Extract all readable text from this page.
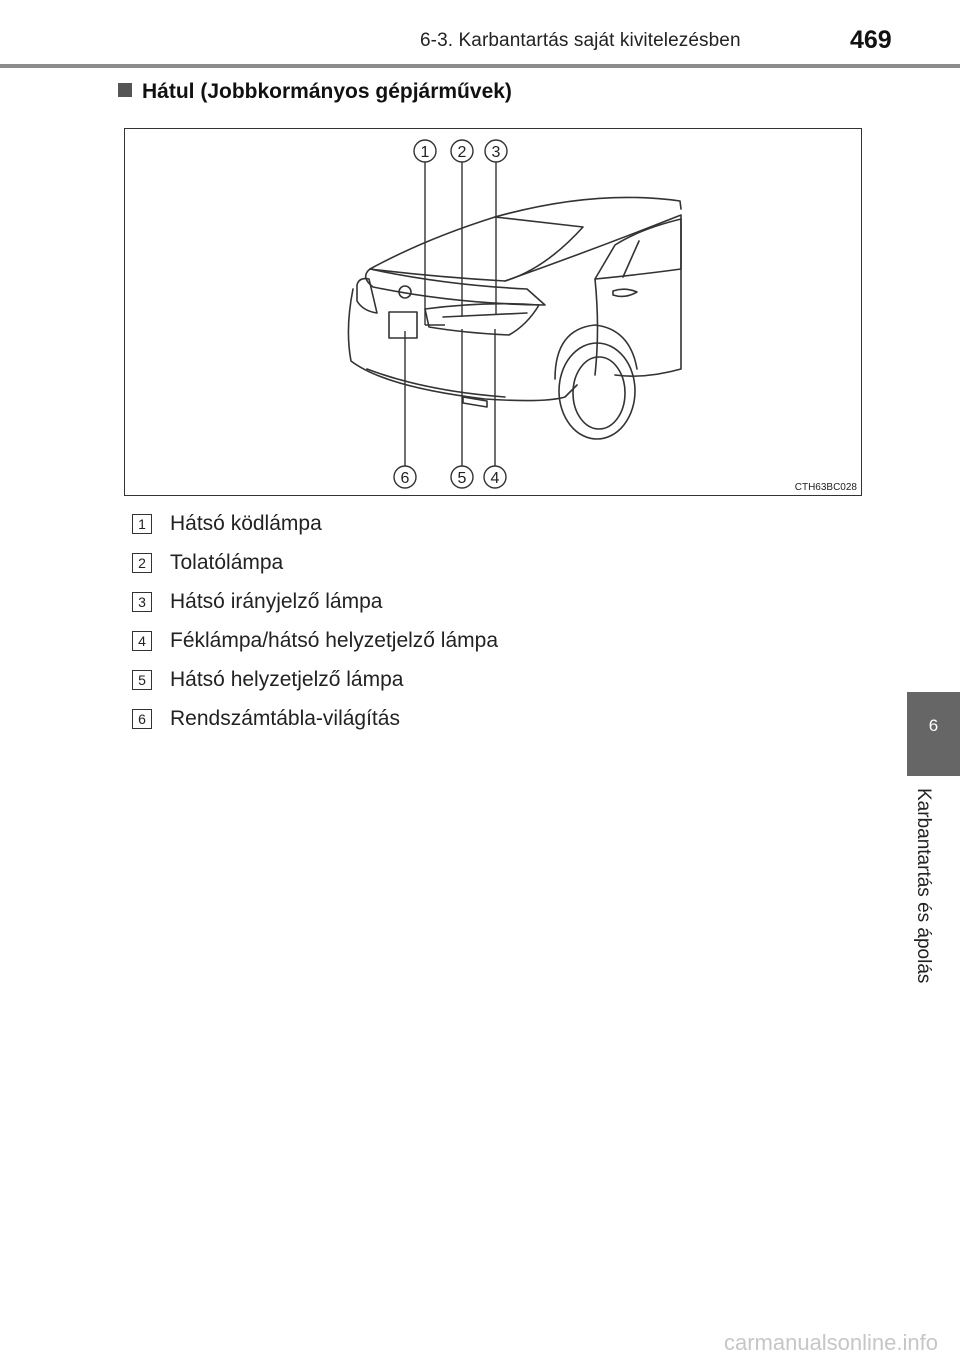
6-3. Karbantartás saját kivitelezésben	469
Hátul (Jobbkormányos gépjárművek)
1 2 3
6	5 4
CTH63BC028
1 Hátsó ködlámpa
2 Tolatólámpa
3 Hátsó irányjelző lámpa
4 Féklámpa/hátsó helyzetjelző lámpa
5 Hátsó helyzetjelző lámpa
6 Rendszámtábla-világítás	6
Karbantartás és ápolás
carmanualsonline.info
